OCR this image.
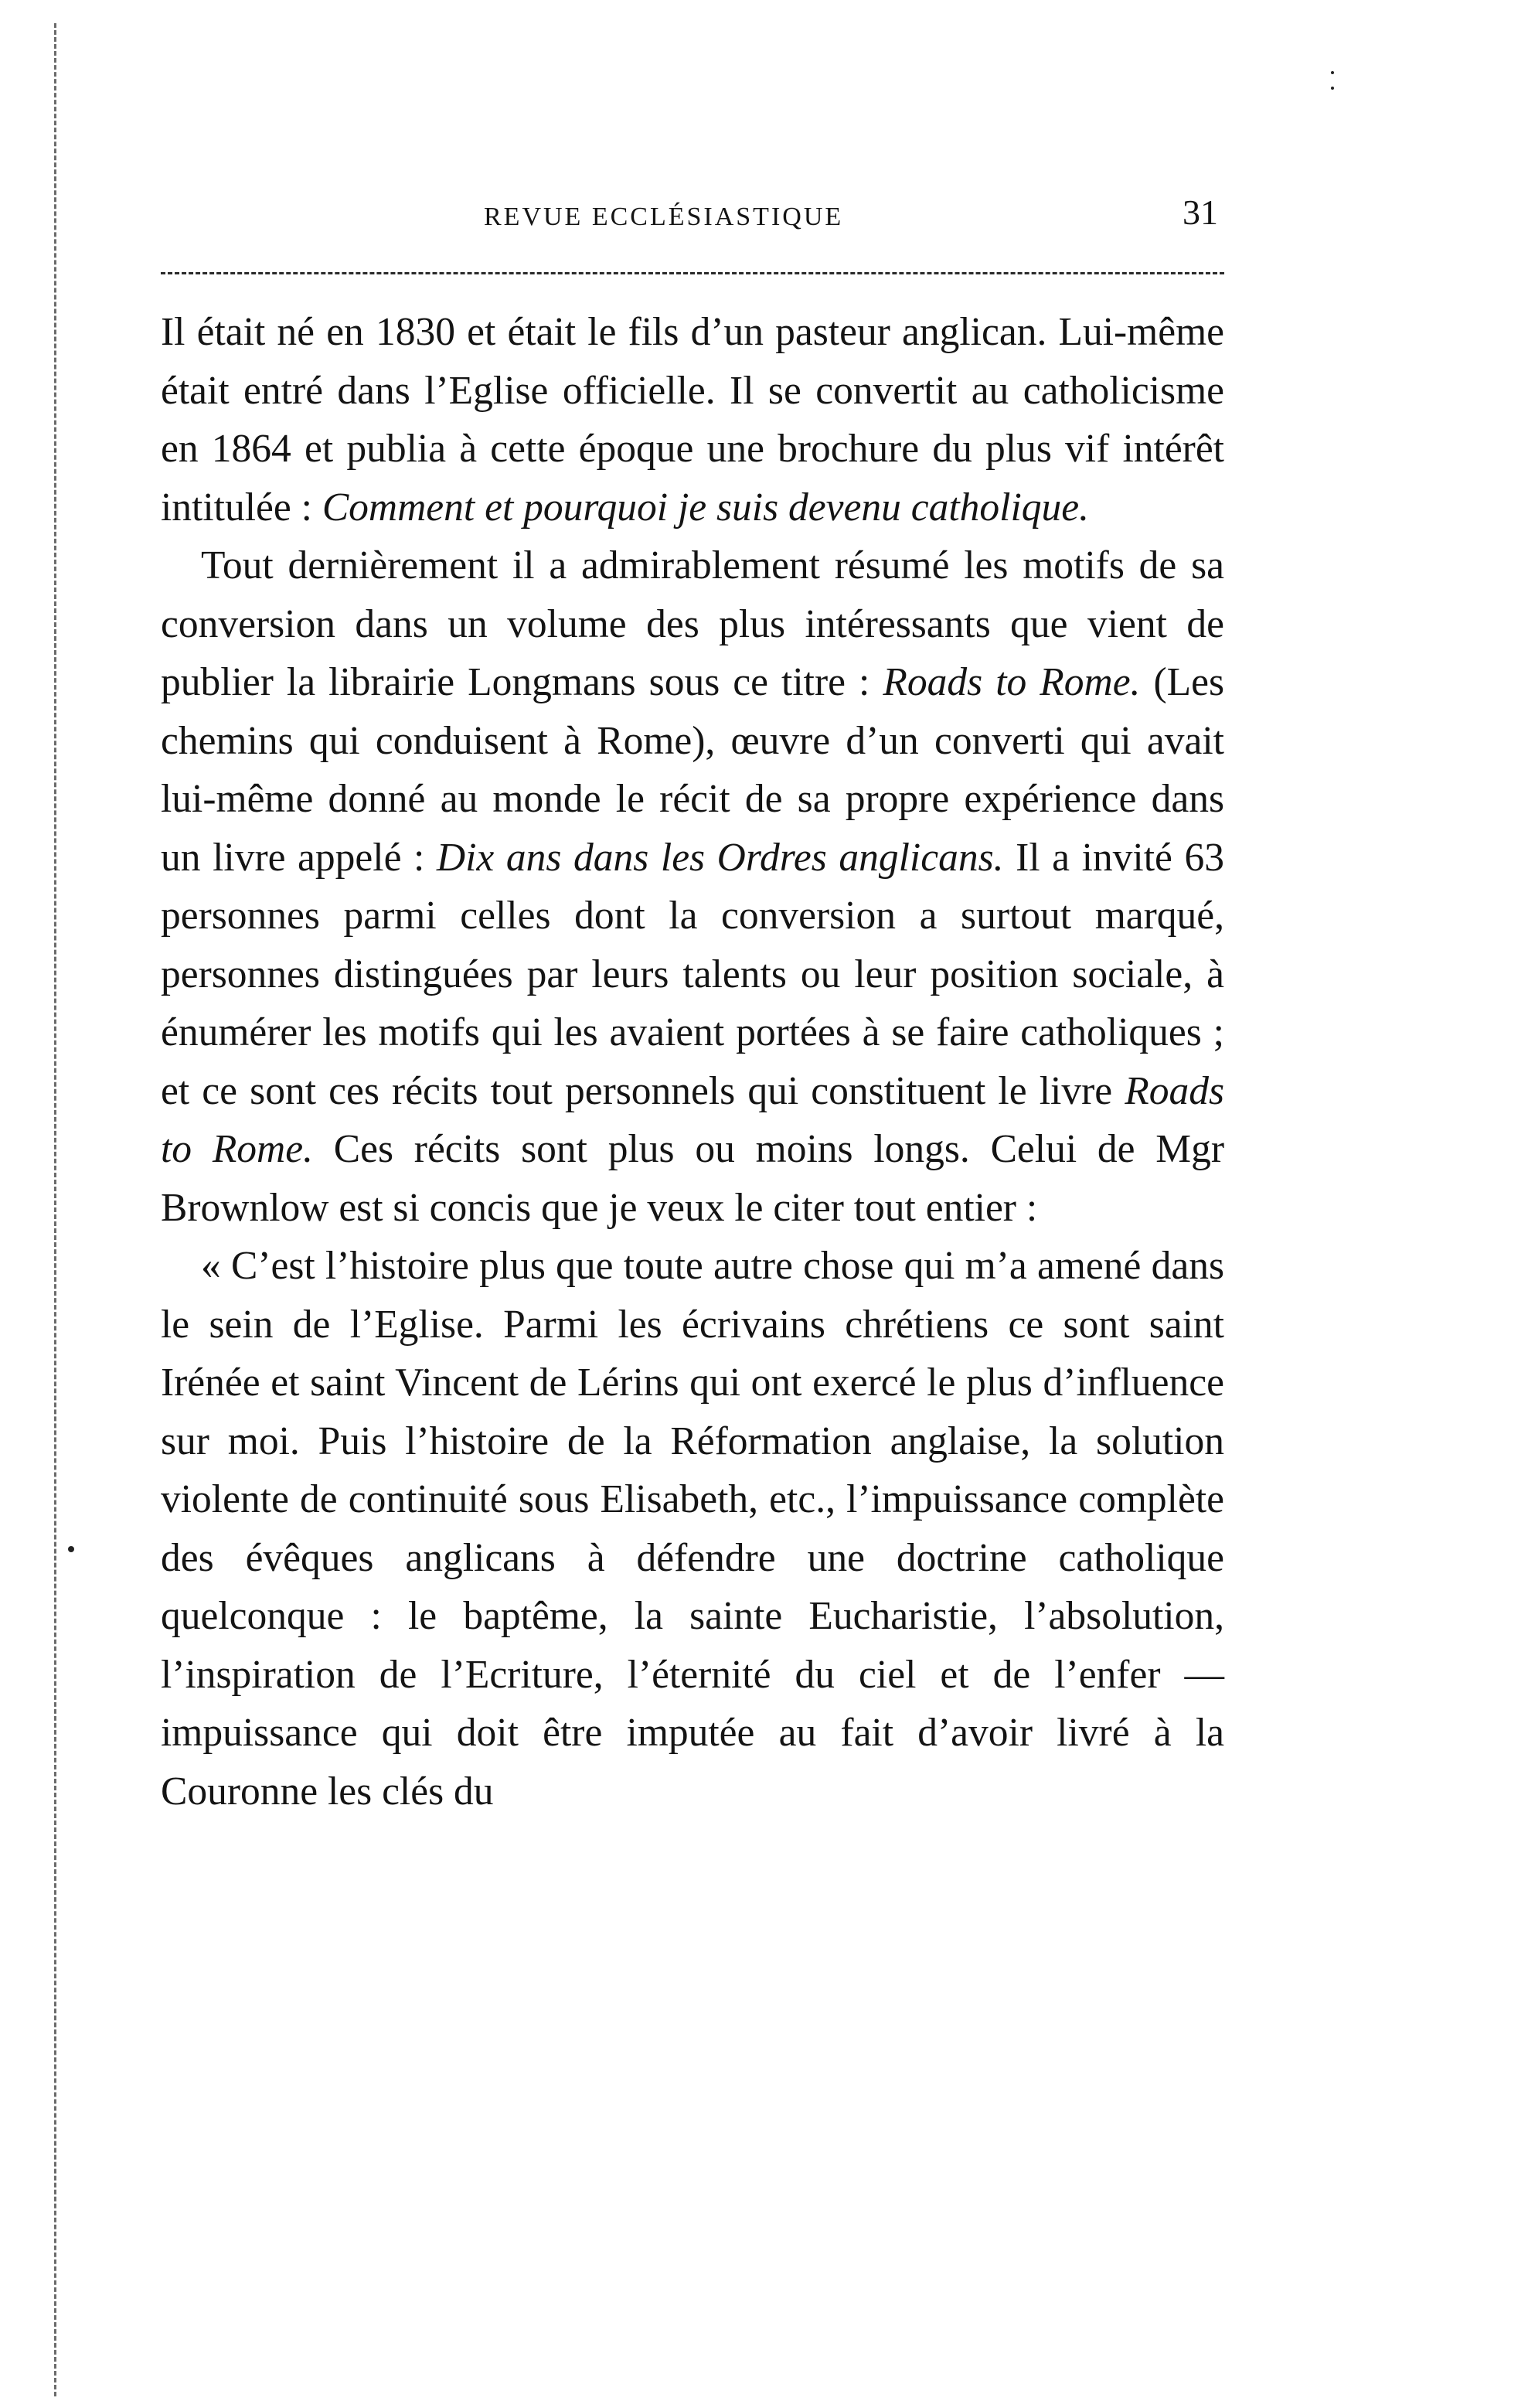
REVUE ECCLÉSIASTIQUE	31

Il était né en 1830 et était le fils d’un pasteur anglican. Lui-même était entré dans l’Eglise officielle. Il se convertit au catholicisme en 1864 et publia à cette époque une brochure du plus vif intérêt intitulée : Comment et pourquoi je suis devenu catholique.

Tout dernièrement il a admirablement résumé les motifs de sa conversion dans un volume des plus intéressants que vient de publier la librairie Longmans sous ce titre : Roads to Rome. (Les chemins qui conduisent à Rome), œuvre d’un converti qui avait lui-même donné au monde le récit de sa propre expérience dans un livre appelé : Dix ans dans les Ordres anglicans. Il a invité 63 personnes parmi celles dont la conversion a surtout marqué, personnes distinguées par leurs talents ou leur position sociale, à énumérer les motifs qui les avaient portées à se faire catholiques ; et ce sont ces récits tout personnels qui constituent le livre Roads to Rome. Ces récits sont plus ou moins longs. Celui de Mgr Brownlow est si concis que je veux le citer tout entier :

« C’est l’histoire plus que toute autre chose qui m’a amené dans le sein de l’Eglise. Parmi les écrivains chrétiens ce sont saint Irénée et saint Vincent de Lérins qui ont exercé le plus d’influence sur moi. Puis l’histoire de la Réformation anglaise, la solution violente de continuité sous Elisabeth, etc., l’impuissance complète des évêques anglicans à défendre une doctrine catholique quelconque : le baptême, la sainte Eucharistie, l’absolution, l’inspiration de l’Ecriture, l’éternité du ciel et de l’enfer — impuissance qui doit être imputée au fait d’avoir livré à la Couronne les clés du
